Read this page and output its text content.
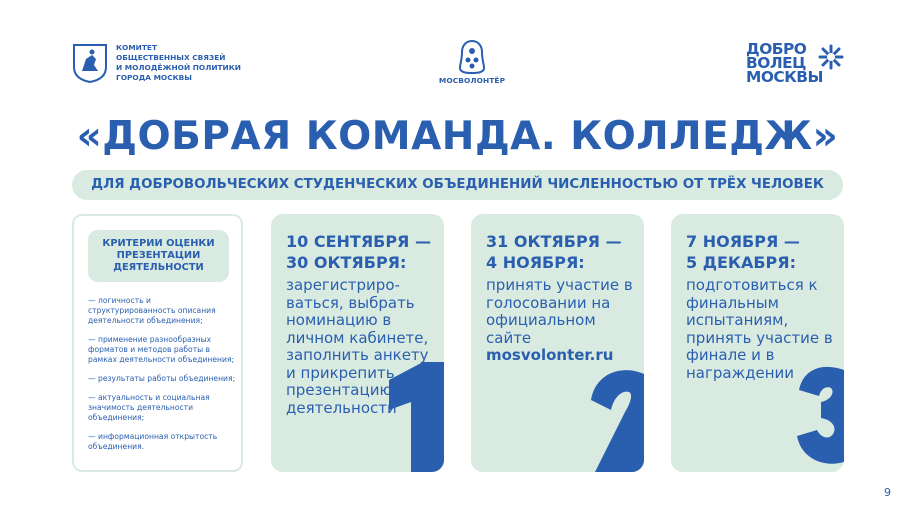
КОМИТЕТ
ОБЩЕСТВЕННЫХ СВЯЗЕЙ
И МОЛОДЁЖНОЙ ПОЛИТИКИ
ГОРОДА МОСКВЫ	МОСВОЛОНТЁР
ДОБРО
ВОЛЕЦ
МОСКВЫ
«ДОБРАЯ КОМАНДА. КОЛЛЕДЖ»
ДЛЯ ДОБРОВОЛЬЧЕСКИХ СТУДЕНЧЕСКИХ ОБЪЕДИНЕНИЙ ЧИСЛЕННОСТЬЮ ОТ ТРЁХ ЧЕЛОВЕК
КРИТЕРИИ ОЦЕНКИ ПРЕЗЕНТАЦИИ ДЕЯТЕЛЬНОСТИ
— логичность и структурированность описания деятельности объединения;
— применение разнообразных форматов и методов работы в рамках деятельности объединения;
— результаты работы объединения;
— актуальность и социальная значимость деятельности объединения;
— информационная открытость объединения.
10 СЕНТЯБРЯ —
30 ОКТЯБРЯ:
зарегистриро-ваться, выбрать номинацию в личном кабинете, заполнить анкету и прикрепить презентацию деятельности
31 ОКТЯБРЯ —
4 НОЯБРЯ:
принять участие в голосовании на официальном сайте mosvolonter.ru
7 НОЯБРЯ —
5 ДЕКАБРЯ:
подготовиться к финальным испытаниям, принять участие в финале и в награждении
9
